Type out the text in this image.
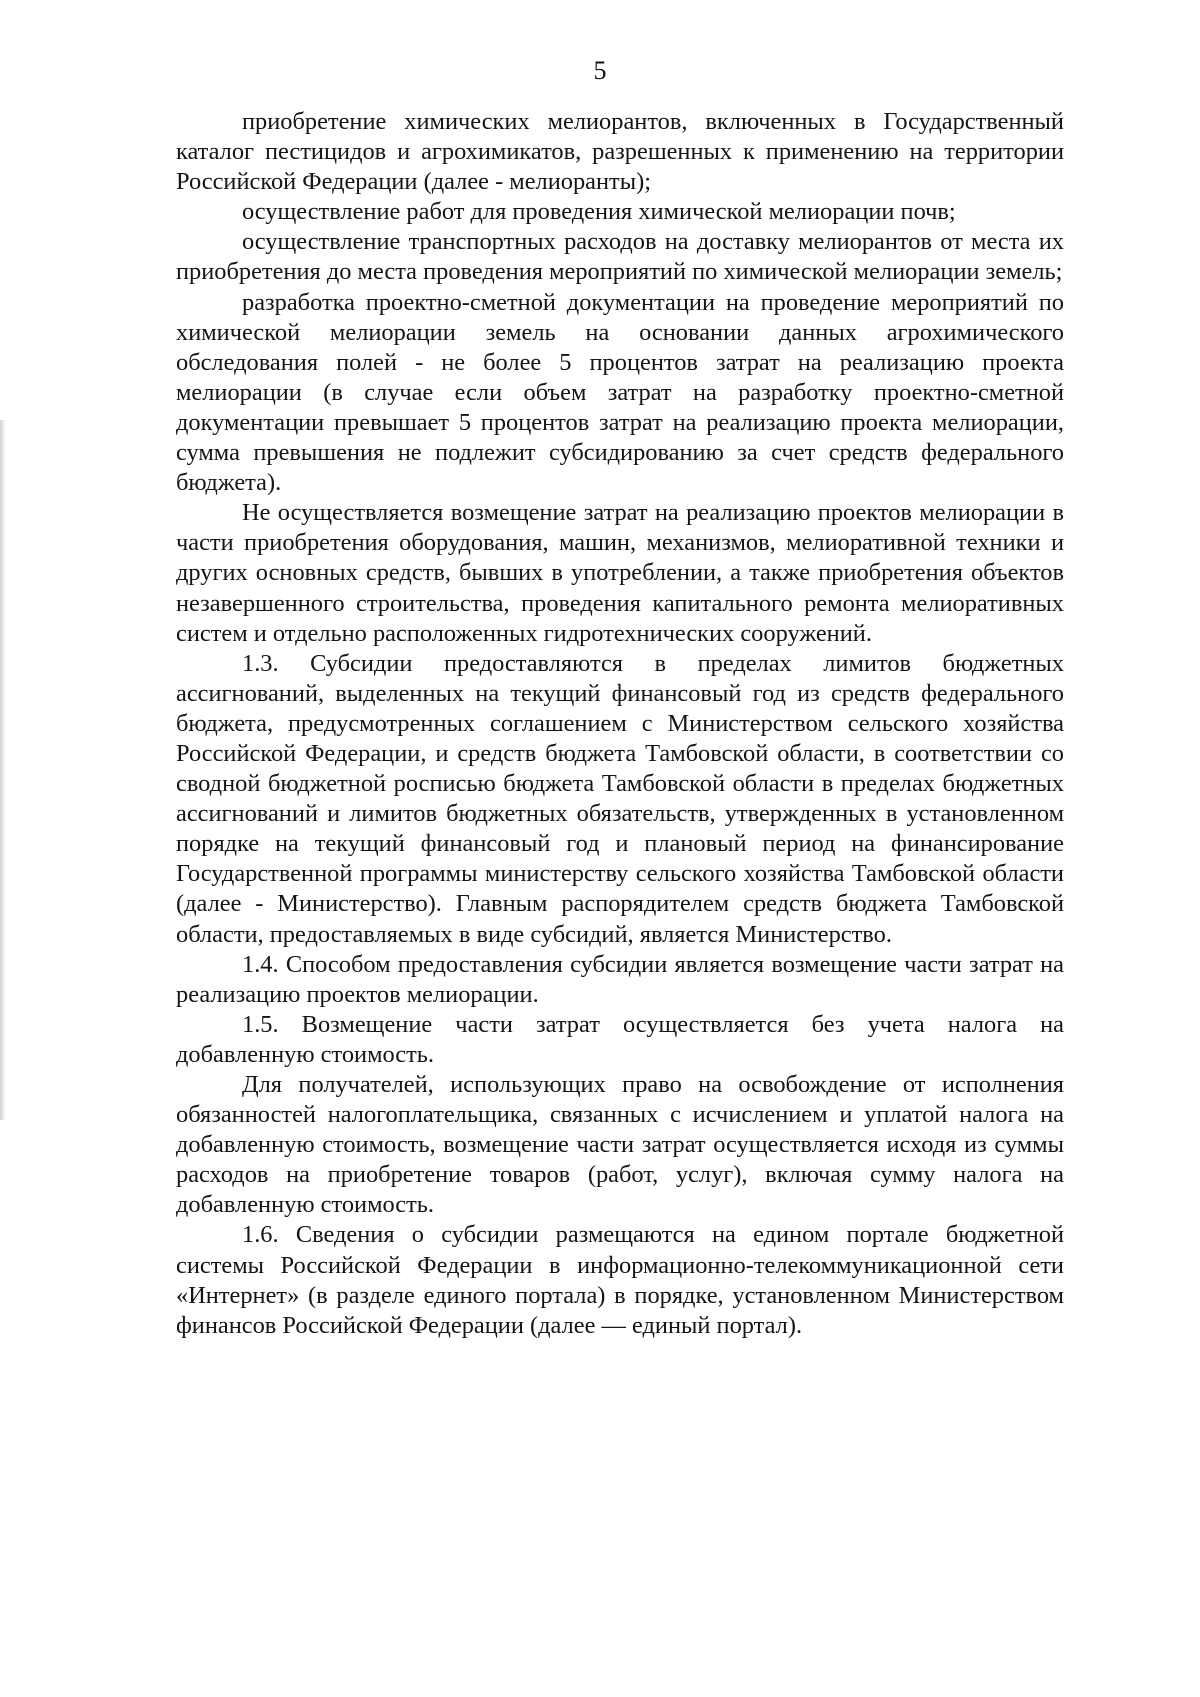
5

приобретение химических мелиорантов, включенных в Государственный каталог пестицидов и агрохимикатов, разрешенных к применению на территории Российской Федерации (далее - мелиоранты);

осуществление работ для проведения химической мелиорации почв;

осуществление транспортных расходов на доставку мелиорантов от места их приобретения до места проведения мероприятий по химической мелиорации земель;

разработка проектно-сметной документации на проведение мероприятий по химической мелиорации земель на основании данных агрохимического обследования полей - не более 5 процентов затрат на реализацию проекта мелиорации (в случае если объем затрат на разработку проектно-сметной документации превышает 5 процентов затрат на реализацию проекта мелиорации, сумма превышения не подлежит субсидированию за счет средств федерального бюджета).

Не осуществляется возмещение затрат на реализацию проектов мелиорации в части приобретения оборудования, машин, механизмов, мелиоративной техники и других основных средств, бывших в употреблении, а также приобретения объектов незавершенного строительства, проведения капитального ремонта мелиоративных систем и отдельно расположенных гидротехнических сооружений.

1.3. Субсидии предоставляются в пределах лимитов бюджетных ассигнований, выделенных на текущий финансовый год из средств федерального бюджета, предусмотренных соглашением с Министерством сельского хозяйства Российской Федерации, и средств бюджета Тамбовской области, в соответствии со сводной бюджетной росписью бюджета Тамбовской области в пределах бюджетных ассигнований и лимитов бюджетных обязательств, утвержденных в установленном порядке на текущий финансовый год и плановый период на финансирование Государственной программы министерству сельского хозяйства Тамбовской области (далее - Министерство). Главным распорядителем средств бюджета Тамбовской области, предоставляемых в виде субсидий, является Министерство.

1.4. Способом предоставления субсидии является возмещение части затрат на реализацию проектов мелиорации.

1.5. Возмещение части затрат осуществляется без учета налога на добавленную стоимость.

Для получателей, использующих право на освобождение от исполнения обязанностей налогоплательщика, связанных с исчислением и уплатой налога на добавленную стоимость, возмещение части затрат осуществляется исходя из суммы расходов на приобретение товаров (работ, услуг), включая сумму налога на добавленную стоимость.

1.6. Сведения о субсидии размещаются на едином портале бюджетной системы Российской Федерации в информационно-телекоммуникационной сети «Интернет» (в разделе единого портала) в порядке, установленном Министерством финансов Российской Федерации (далее — единый портал).
